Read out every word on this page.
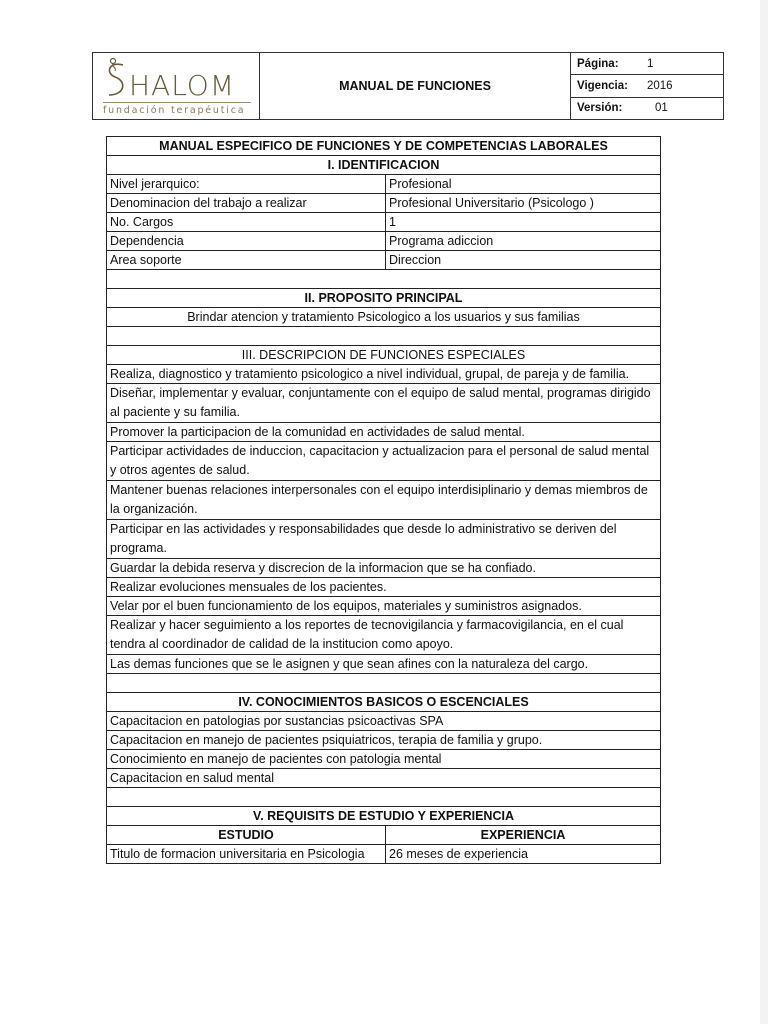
HALOM
fundación terapéutica
MANUAL DE FUNCIONES
Página:	1
Vigencia:	2016
Versión:	01
MANUAL ESPECIFICO DE FUNCIONES Y DE COMPETENCIAS LABORALES	
I. IDENTIFICACION	
Nivel jerarquico:	Profesional
Denominacion del trabajo a realizar	Profesional Universitario (Psicologo )
No. Cargos	1
Dependencia	Programa adiccion
Area soporte	Direccion

II. PROPOSITO PRINCIPAL	
Brindar atencion y tratamiento Psicologico a los usuarios y sus familias	

III. DESCRIPCION DE FUNCIONES ESPECIALES	
Realiza, diagnostico y tratamiento psicologico a nivel individual, grupal, de pareja y de familia.	
Diseñar, implementar y evaluar, conjuntamente con el equipo de salud mental, programas dirigido al paciente y su familia.	
Promover la participacion de la comunidad en actividades de salud mental.	
Participar actividades de induccion, capacitacion y actualizacion para el personal de salud mental y otros agentes de salud.	
Mantener buenas relaciones interpersonales con el equipo interdisiplinario y demas miembros de la organización.	
Participar en las actividades y responsabilidades que desde lo administrativo se deriven del programa.	
Guardar la debida reserva y discrecion de la informacion que se ha confiado.	
Realizar evoluciones mensuales de los pacientes.	
Velar por el buen funcionamiento de los equipos, materiales y suministros asignados.	
Realizar y hacer seguimiento a los reportes de tecnovigilancia y farmacovigilancia, en el cual tendra al coordinador de calidad de la institucion como apoyo.	
Las demas funciones que se le asignen y que sean afines con la naturaleza del cargo.	

IV. CONOCIMIENTOS BASICOS O ESCENCIALES	
Capacitacion en patologias por sustancias psicoactivas SPA	
Capacitacion en manejo de pacientes psiquiatricos, terapia de familia y grupo.	
Conocimiento en manejo de pacientes con patologia mental	
Capacitacion en salud mental	

V. REQUISITS DE ESTUDIO Y EXPERIENCIA	
ESTUDIO	EXPERIENCIA
Titulo de formacion universitaria en Psicologia	26 meses de experiencia
